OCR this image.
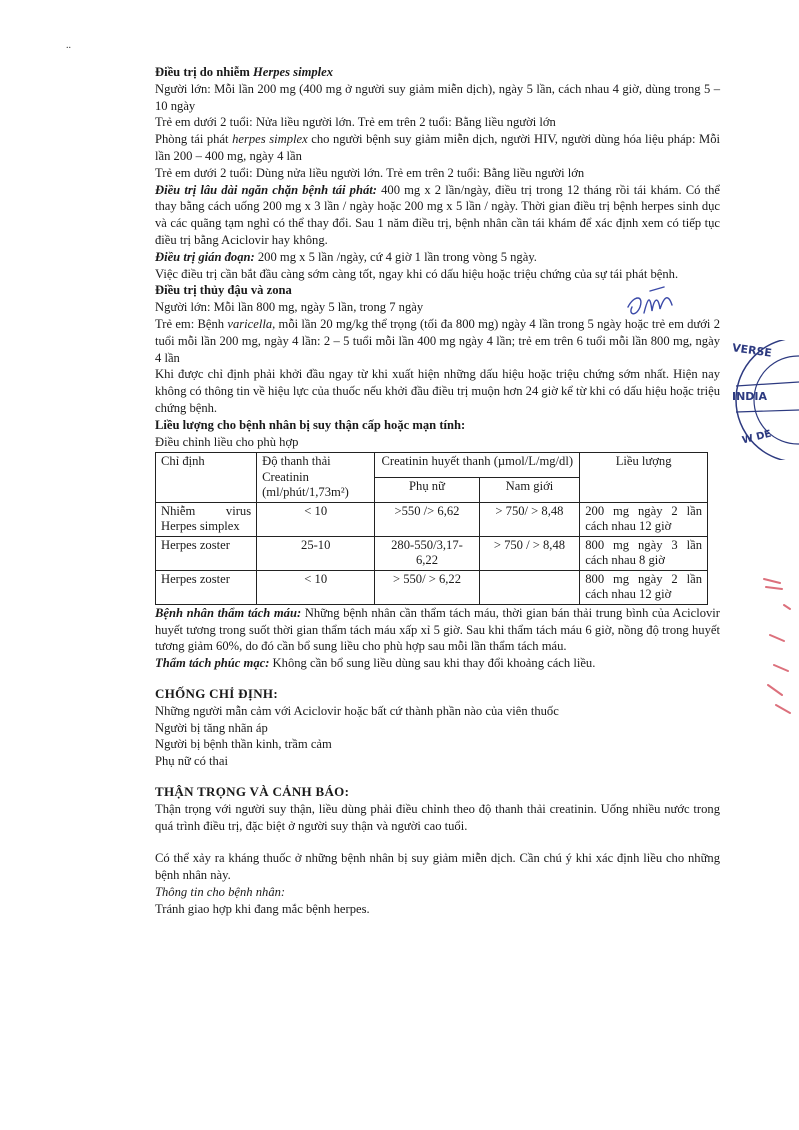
..

Điều trị do nhiễm Herpes simplex

Người lớn: Mỗi lần 200 mg (400 mg ở người suy giảm miễn dịch), ngày 5 lần, cách nhau 4 giờ, dùng trong 5 – 10 ngày

Trẻ em dưới 2 tuổi: Nửa liều người lớn. Trẻ em trên 2 tuổi: Bằng liều người lớn

Phòng tái phát herpes simplex cho người bệnh suy giảm miễn dịch, người HIV, người dùng hóa liệu pháp: Mỗi lần 200 – 400 mg, ngày 4 lần

Trẻ em dưới 2 tuổi: Dùng nửa liều người lớn. Trẻ em trên 2 tuổi: Bằng liều người lớn

Điều trị lâu dài ngăn chặn bệnh tái phát: 400 mg x 2 lần/ngày, điều trị trong 12 tháng rồi tái khám. Có thể thay bằng cách uống 200 mg x 3 lần / ngày hoặc 200 mg x 5 lần / ngày. Thời gian điều trị bệnh herpes sinh dục và các quãng tạm nghỉ có thể thay đổi. Sau 1 năm điều trị, bệnh nhân cần tái khám để xác định xem có tiếp tục điều trị bằng Aciclovir hay không.

Điều trị gián đoạn: 200 mg x 5 lần /ngày, cứ 4 giờ 1 lần trong vòng 5 ngày.

Việc điều trị cần bắt đầu càng sớm càng tốt, ngay khi có dấu hiệu hoặc triệu chứng của sự tái phát bệnh.

Điều trị thủy đậu và zona

Người lớn: Mỗi lần 800 mg, ngày 5 lần, trong 7 ngày

Trẻ em: Bệnh varicella, mỗi lần 20 mg/kg thể trọng (tối đa 800 mg) ngày 4 lần trong 5 ngày hoặc trẻ em dưới 2 tuổi mỗi lần 200 mg, ngày 4 lần: 2 – 5 tuổi mỗi lần 400 mg ngày 4 lần; trẻ em trên 6 tuổi mỗi lần 800 mg, ngày 4 lần

Khi được chỉ định phải khởi đầu ngay từ khi xuất hiện những dấu hiệu hoặc triệu chứng sớm nhất. Hiện nay không có thông tin về hiệu lực của thuốc nếu khởi đầu điều trị muộn hơn 24 giờ kể từ khi có dấu hiệu hoặc triệu chứng bệnh.

Liều lượng cho bệnh nhân bị suy thận cấp hoặc mạn tính:

Điều chỉnh liều cho phù hợp

Chỉ định	Độ thanh thải Creatinin (ml/phút/1,73m²)	Creatinin huyết thanh (µmol/L/mg/dl)		Liều lượng
		Phụ nữ	Nam giới	
Nhiễm virus Herpes simplex	< 10	>550 /> 6,62	> 750/ > 8,48	200 mg ngày 2 lần cách nhau 12 giờ
Herpes zoster	25-10	280-550/3,17-6,22	> 750 / > 8,48	800 mg ngày 3 lần cách nhau 8 giờ
Herpes zoster	< 10	> 550/ > 6,22		800 mg ngày 2 lần cách nhau 12 giờ

Bệnh nhân thẩm tách máu: Những bệnh nhân cần thẩm tách máu, thời gian bán thải trung bình của Aciclovir huyết tương trong suốt thời gian thẩm tách máu xấp xỉ 5 giờ. Sau khi thẩm tách máu 6 giờ, nồng độ trong huyết tương giảm 60%, do đó cần bổ sung liều cho phù hợp sau mỗi lần thẩm tách máu.

Thẩm tách phúc mạc: Không cần bổ sung liều dùng sau khi thay đổi khoảng cách liều.

CHỐNG CHỈ ĐỊNH:

Những người mẫn cảm với Aciclovir hoặc bất cứ thành phần nào của viên thuốc

Người bị tăng nhãn áp

Người bị bệnh thần kinh, trầm cảm

Phụ nữ có thai

THẬN TRỌNG VÀ CẢNH BÁO:

Thận trọng với người suy thận, liều dùng phải điều chỉnh theo độ thanh thải creatinin. Uống nhiều nước trong quá trình điều trị, đặc biệt ở người suy thận và người cao tuổi.

Có thể xảy ra kháng thuốc ở những bệnh nhân bị suy giảm miễn dịch. Cần chú ý khi xác định liều cho những bệnh nhân này.

Thông tin cho bệnh nhân:

Tránh giao hợp khi đang mắc bệnh herpes.

VERSE
INDIA
W DE
